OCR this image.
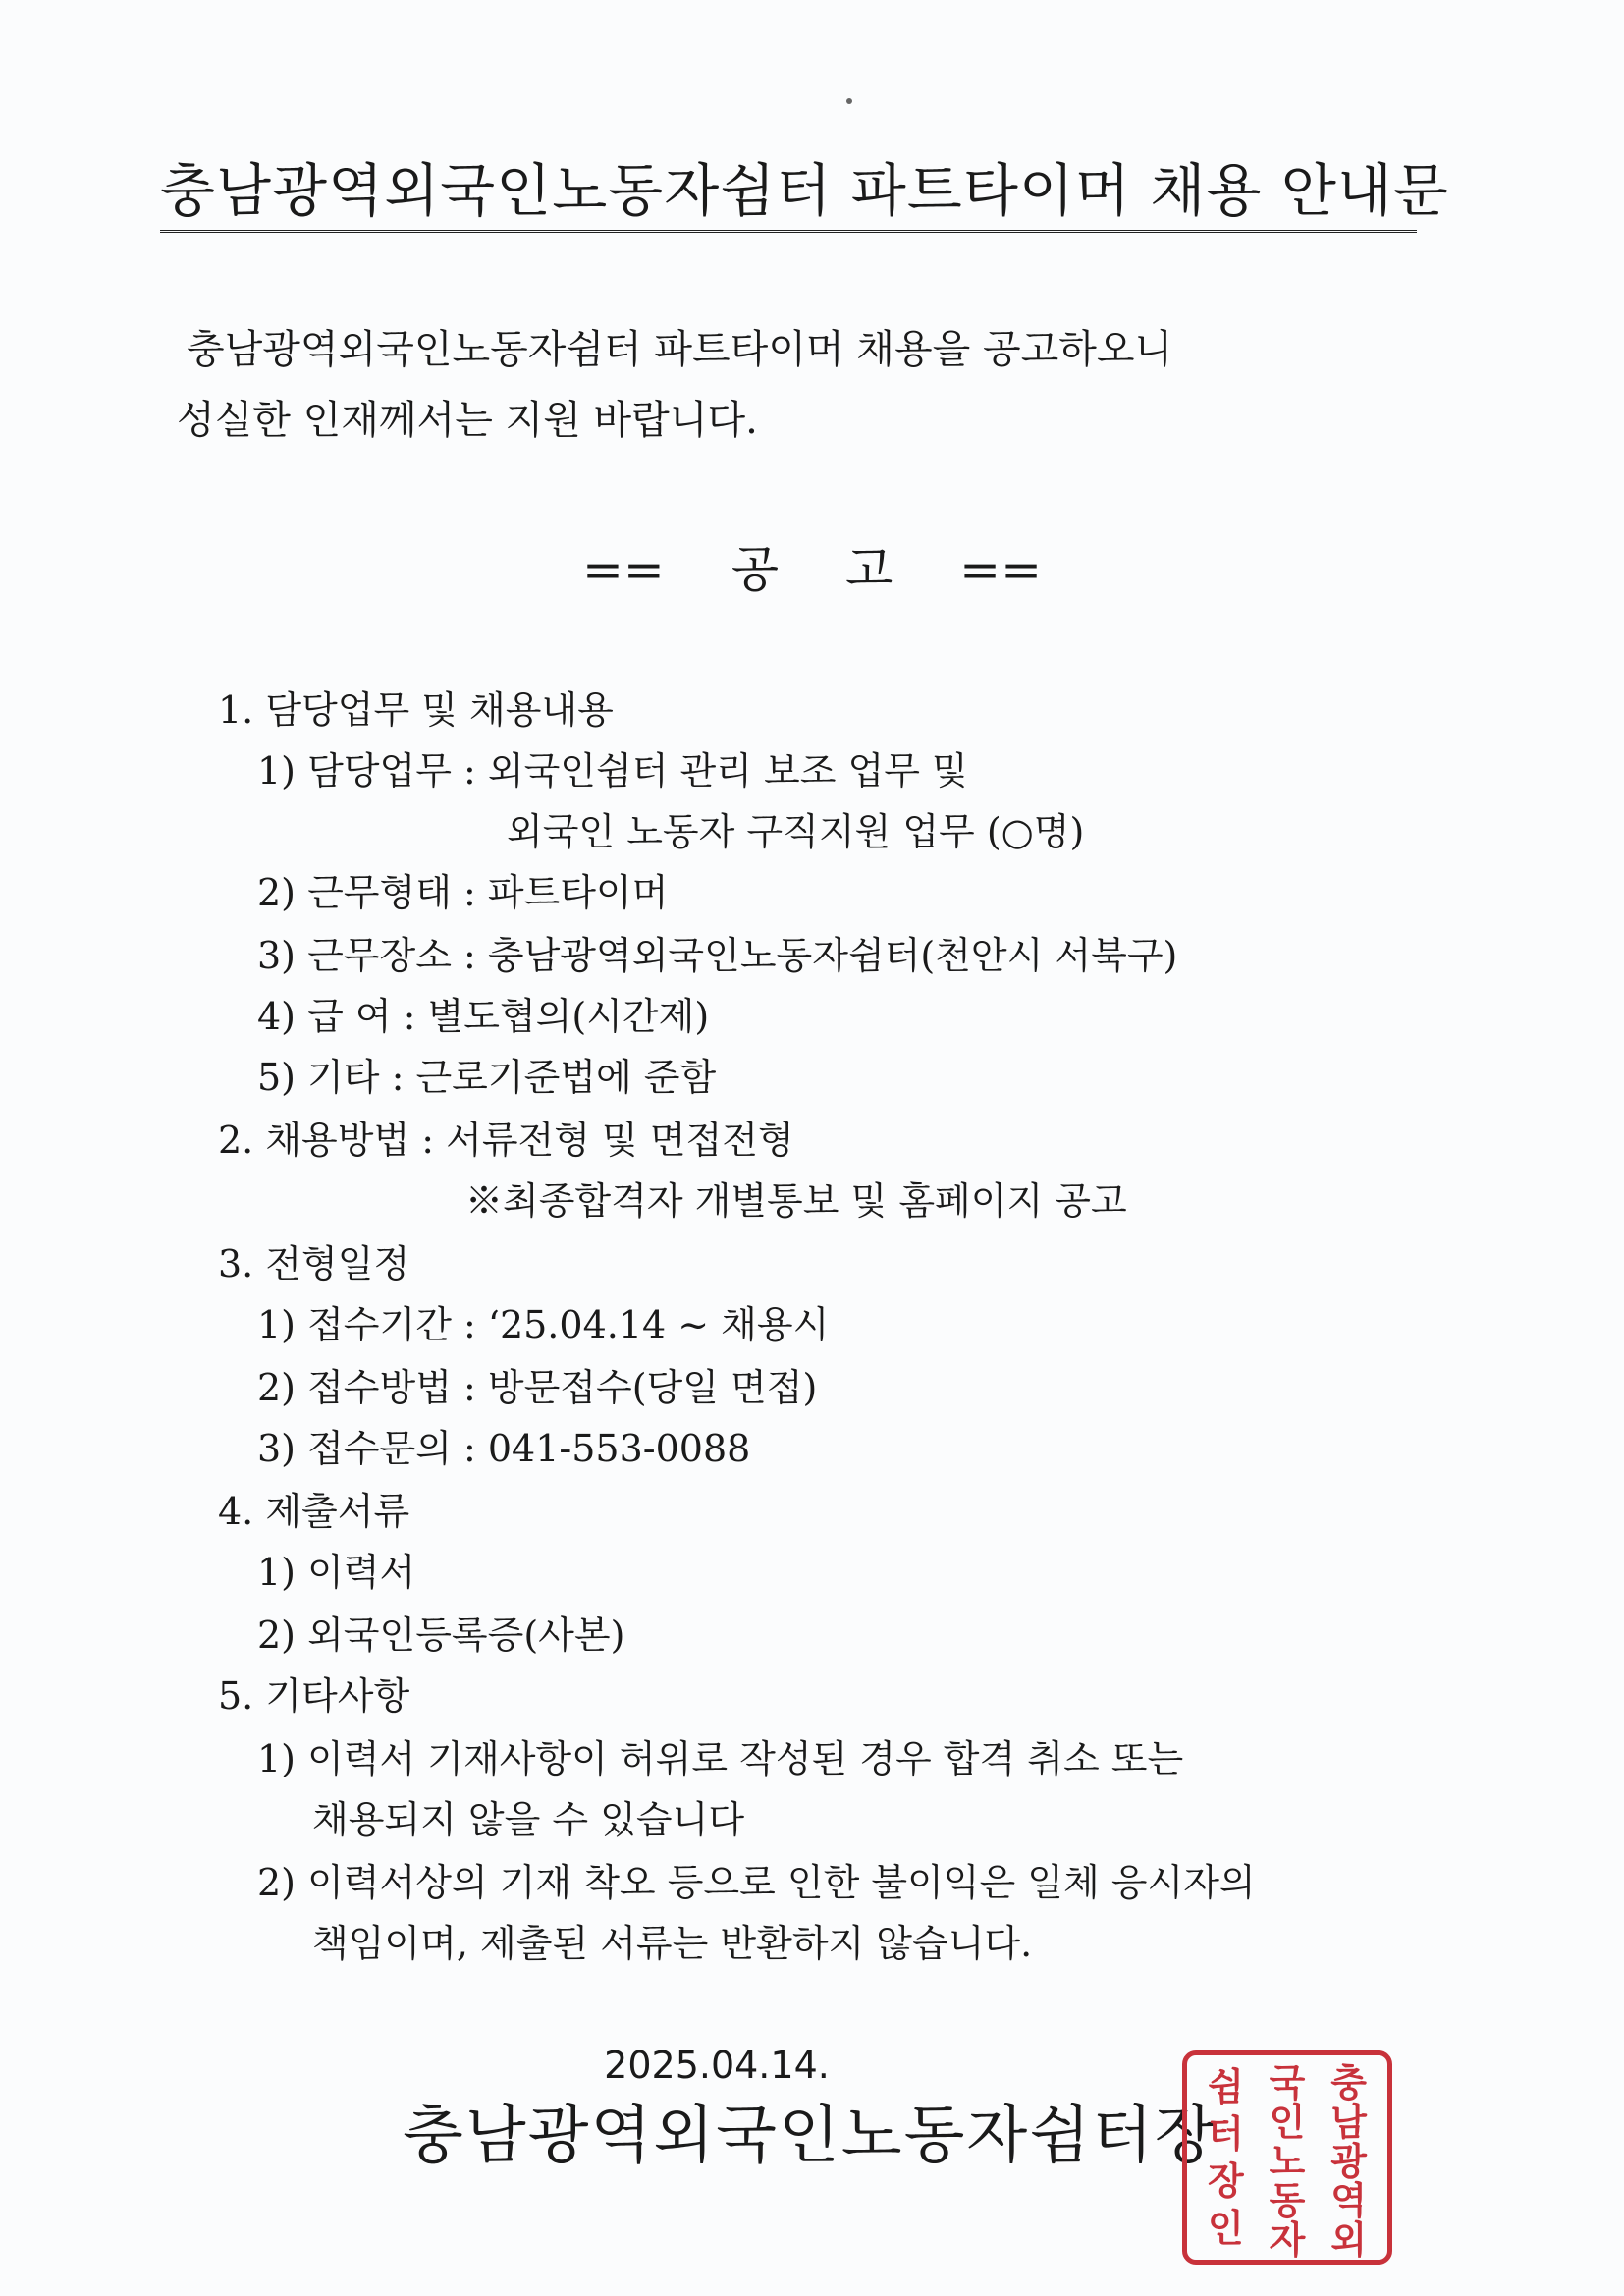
충남광역외국인노동자쉼터 파트타이머 채용 안내문
충남광역외국인노동자쉼터 파트타이머 채용을 공고하오니
성실한 인재께서는 지원 바랍니다.
== 공 고 ==
1. 담당업무 및 채용내용
1) 담당업무 : 외국인쉼터 관리 보조 업무 및
외국인 노동자 구직지원 업무 (○명)
2) 근무형태 : 파트타이머
3) 근무장소 : 충남광역외국인노동자쉼터(천안시 서북구)
4) 급 여 : 별도협의(시간제)
5) 기타 : 근로기준법에 준함
2. 채용방법 : 서류전형 및 면접전형
※최종합격자 개별통보 및 홈페이지 공고
3. 전형일정
1) 접수기간 : ‘25.04.14 ~ 채용시
2) 접수방법 : 방문접수(당일 면접)
3) 접수문의 : 041-553-0088
4. 제출서류
1) 이력서
2) 외국인등록증(사본)
5. 기타사항
1) 이력서 기재사항이 허위로 작성된 경우 합격 취소 또는
채용되지 않을 수 있습니다
2) 이력서상의 기재 착오 등으로 인한 불이익은 일체 응시자의
책임이며, 제출된 서류는 반환하지 않습니다.
2025.04.14.
충남광역외국인노동자쉼터장
충
남
광
역
외
국
인
노
동
자
쉼
터
장
인
